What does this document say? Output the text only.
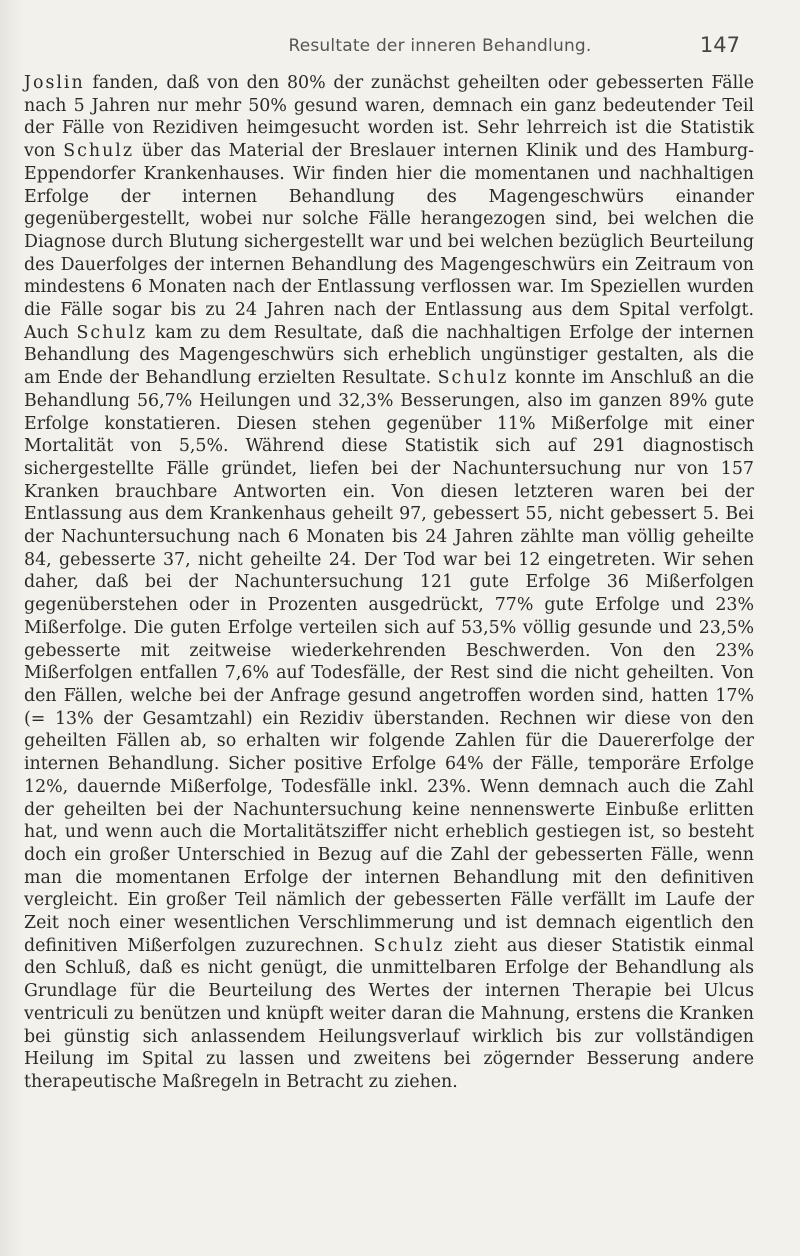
Resultate der inneren Behandlung.	147

Joslin fanden, daß von den 80% der zunächst geheilten oder gebesserten Fälle nach 5 Jahren nur mehr 50% gesund waren, demnach ein ganz bedeutender Teil der Fälle von Rezidiven heimgesucht worden ist. Sehr lehrreich ist die Statistik von Schulz über das Material der Breslauer internen Klinik und des Hamburg-Eppendorfer Krankenhauses. Wir finden hier die momentanen und nachhaltigen Erfolge der internen Behandlung des Magengeschwürs einander gegenübergestellt, wobei nur solche Fälle herangezogen sind, bei welchen die Diagnose durch Blutung sichergestellt war und bei welchen bezüglich Beurteilung des Dauerfolges der internen Behandlung des Magengeschwürs ein Zeitraum von mindestens 6 Monaten nach der Entlassung verflossen war. Im Speziellen wurden die Fälle sogar bis zu 24 Jahren nach der Entlassung aus dem Spital verfolgt. Auch Schulz kam zu dem Resultate, daß die nachhaltigen Erfolge der internen Behandlung des Magengeschwürs sich erheblich ungünstiger gestalten, als die am Ende der Behandlung erzielten Resultate. Schulz konnte im Anschluß an die Behandlung 56,7% Heilungen und 32,3% Besserungen, also im ganzen 89% gute Erfolge konstatieren. Diesen stehen gegenüber 11% Mißerfolge mit einer Mortalität von 5,5%. Während diese Statistik sich auf 291 diagnostisch sichergestellte Fälle gründet, liefen bei der Nachuntersuchung nur von 157 Kranken brauchbare Antworten ein. Von diesen letzteren waren bei der Entlassung aus dem Krankenhaus geheilt 97, gebessert 55, nicht gebessert 5. Bei der Nachuntersuchung nach 6 Monaten bis 24 Jahren zählte man völlig geheilte 84, gebesserte 37, nicht geheilte 24. Der Tod war bei 12 eingetreten. Wir sehen daher, daß bei der Nachuntersuchung 121 gute Erfolge 36 Mißerfolgen gegenüberstehen oder in Prozenten ausgedrückt, 77% gute Erfolge und 23% Mißerfolge. Die guten Erfolge verteilen sich auf 53,5% völlig gesunde und 23,5% gebesserte mit zeitweise wiederkehrenden Beschwerden. Von den 23% Mißerfolgen entfallen 7,6% auf Todesfälle, der Rest sind die nicht geheilten. Von den Fällen, welche bei der Anfrage gesund angetroffen worden sind, hatten 17% (= 13% der Gesamtzahl) ein Rezidiv überstanden. Rechnen wir diese von den geheilten Fällen ab, so erhalten wir folgende Zahlen für die Dauererfolge der internen Behandlung. Sicher positive Erfolge 64% der Fälle, temporäre Erfolge 12%, dauernde Mißerfolge, Todesfälle inkl. 23%. Wenn demnach auch die Zahl der geheilten bei der Nachuntersuchung keine nennenswerte Einbuße erlitten hat, und wenn auch die Mortalitätsziffer nicht erheblich gestiegen ist, so besteht doch ein großer Unterschied in Bezug auf die Zahl der gebesserten Fälle, wenn man die momentanen Erfolge der internen Behandlung mit den definitiven vergleicht. Ein großer Teil nämlich der gebesserten Fälle verfällt im Laufe der Zeit noch einer wesentlichen Verschlimmerung und ist demnach eigentlich den definitiven Mißerfolgen zuzurechnen. Schulz zieht aus dieser Statistik einmal den Schluß, daß es nicht genügt, die unmittelbaren Erfolge der Behandlung als Grundlage für die Beurteilung des Wertes der internen Therapie bei Ulcus ventriculi zu benützen und knüpft weiter daran die Mahnung, erstens die Kranken bei günstig sich anlassendem Heilungsverlauf wirklich bis zur vollständigen Heilung im Spital zu lassen und zweitens bei zögernder Besserung andere therapeutische Maßregeln in Betracht zu ziehen.
